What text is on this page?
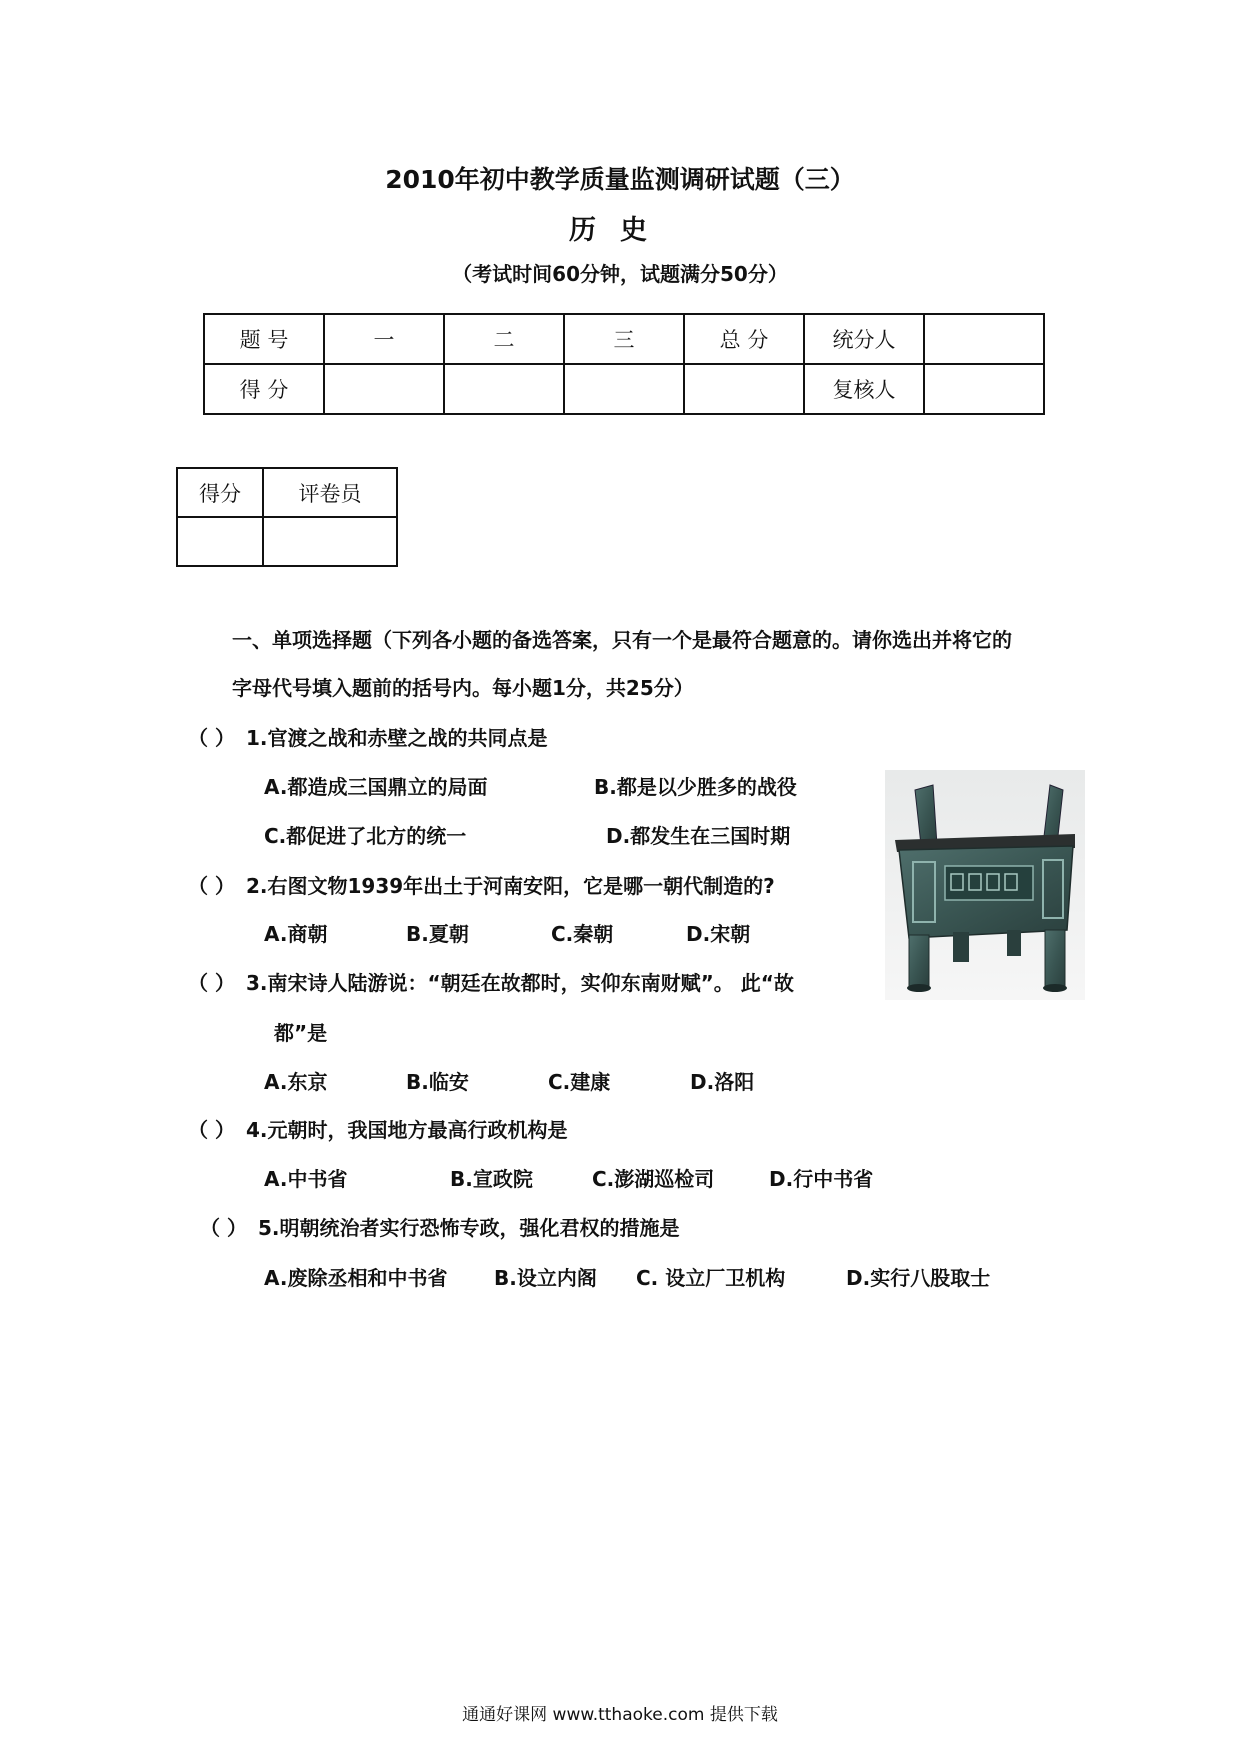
2010年初中教学质量监测调研试题（三）
历史
（考试时间60分钟，试题满分50分）
题 号	一	二	三	总 分	统分人	
得 分					复核人	
得分	评卷员

一、单项选择题（下列各小题的备选答案，只有一个是最符合题意的。请你选出并将它的
字母代号填入题前的括号内。每小题1分，共25分）
（ ） 1.官渡之战和赤壁之战的共同点是
A.都造成三国鼎立的局面	B.都是以少胜多的战役
C.都促进了北方的统一	D.都发生在三国时期
（ ） 2.右图文物1939年出土于河南安阳，它是哪一朝代制造的?
A.商朝	B.夏朝	C.秦朝	D.宋朝
（ ） 3.南宋诗人陆游说：“朝廷在故都时，实仰东南财赋”。 此“故
都”是
A.东京	B.临安	C.建康	D.洛阳
（ ） 4.元朝时，我国地方最高行政机构是
A.中书省	B.宣政院	C.澎湖巡检司	D.行中书省
（ ） 5.明朝统治者实行恐怖专政，强化君权的措施是
A.废除丞相和中书省 B.设立内阁 C. 设立厂卫机构	D.实行八股取士
通通好课网 www.tthaoke.com 提供下载
